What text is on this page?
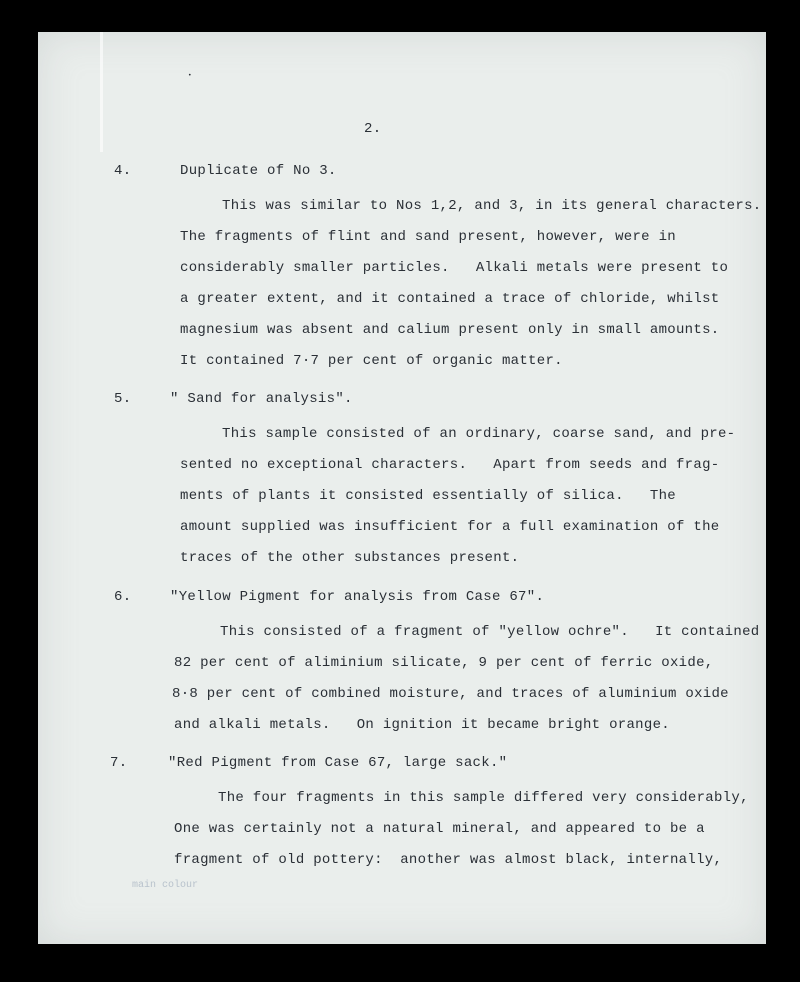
•
2.
4.	Duplicate of No 3.
This was similar to Nos 1,2, and 3, in its general characters.
The fragments of flint and sand present, however, were in
considerably smaller particles.   Alkali metals were present to
a greater extent, and it contained a trace of chloride, whilst
magnesium was absent and calium present only in small amounts.
It contained 7·7 per cent of organic matter.
5.	" Sand for analysis".
This sample consisted of an ordinary, coarse sand, and pre-
sented no exceptional characters.   Apart from seeds and frag-
ments of plants it consisted essentially of silica.   The
amount supplied was insufficient for a full examination of the
traces of the other substances present.
6.	"Yellow Pigment for analysis from Case 67".
This consisted of a fragment of "yellow ochre".   It contained
82 per cent of aliminium silicate, 9 per cent of ferric oxide,
8·8 per cent of combined moisture, and traces of aluminium oxide
and alkali metals.   On ignition it became bright orange.
7.	"Red Pigment from Case 67, large sack."
The four fragments in this sample differed very considerably,
One was certainly not a natural mineral, and appeared to be a
fragment of old pottery:  another was almost black, internally,
main colour
